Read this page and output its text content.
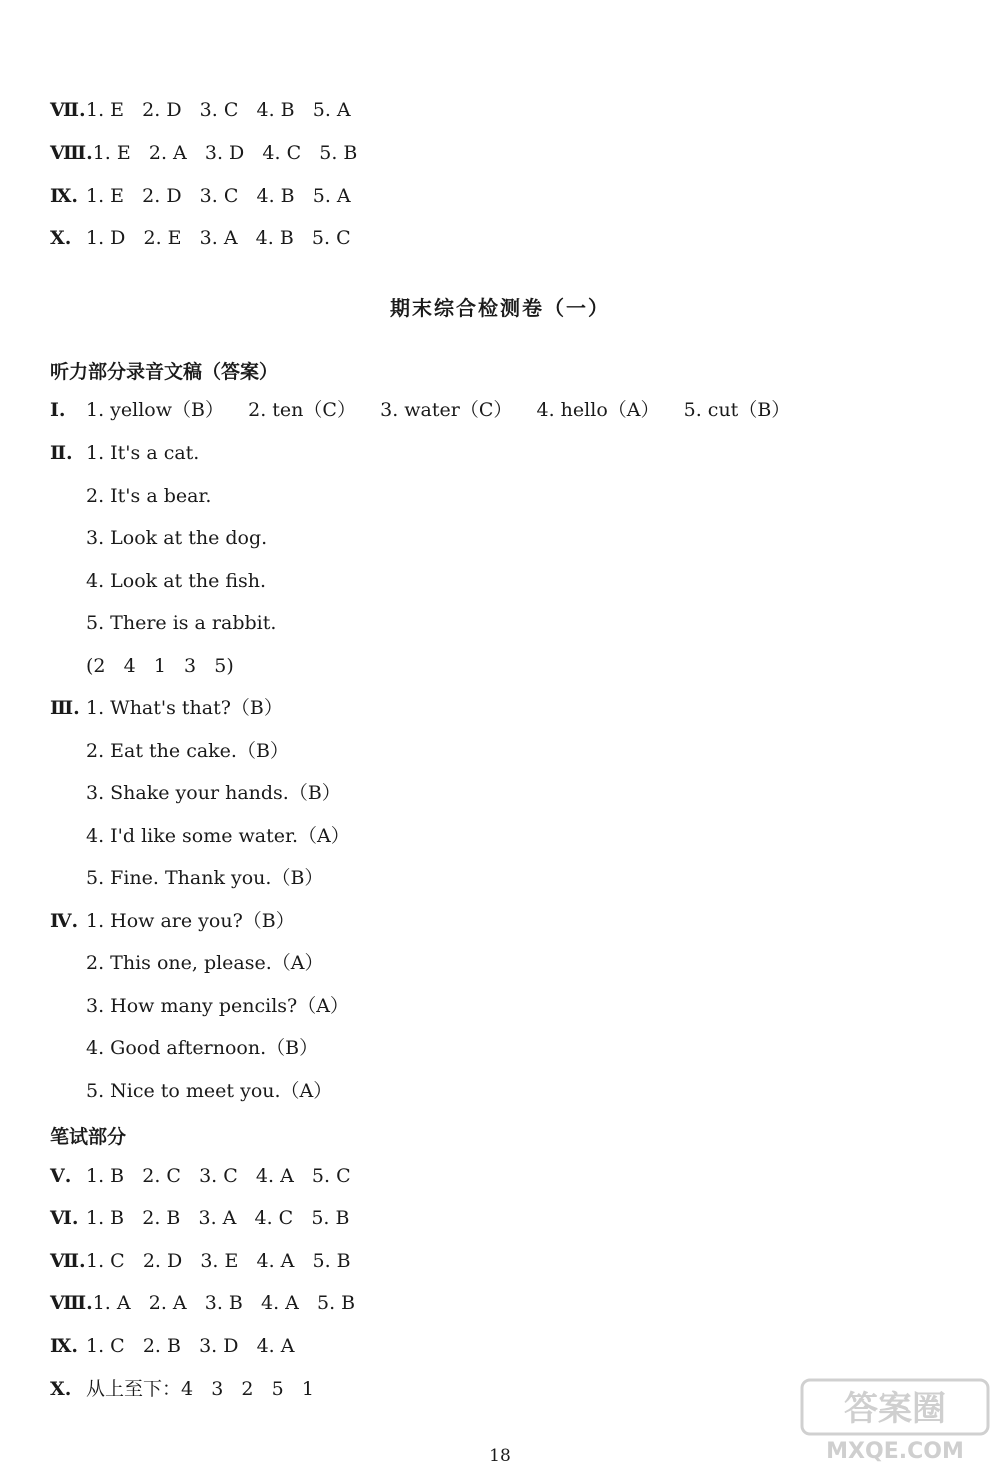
Ⅶ.1. E   2. D   3. C   4. B   5. A
Ⅷ.1. E   2. A   3. D   4. C   5. B
Ⅸ. 1. E   2. D   3. C   4. B   5. A
Ⅹ. 1. D   2. E   3. A   4. B   5. C
期末综合检测卷（一）
听力部分录音文稿（答案）
Ⅰ. 1. yellow（B）    2. ten（C）    3. water（C）    4. hello（A）    5. cut（B）
Ⅱ. 1. It's a cat.
2. It's a bear.
3. Look at the dog.
4. Look at the fish.
5. There is a rabbit.
(2   4   1   3   5)
Ⅲ. 1. What's that?（B）
2. Eat the cake.（B）
3. Shake your hands.（B）
4. I'd like some water.（A）
5. Fine. Thank you.（B）
Ⅳ. 1. How are you?（B）
2. This one, please.（A）
3. How many pencils?（A）
4. Good afternoon.（B）
5. Nice to meet you.（A）
笔试部分
Ⅴ. 1. B   2. C   3. C   4. A   5. C
Ⅵ. 1. B   2. B   3. A   4. C   5. B
Ⅶ.1. C   2. D   3. E   4. A   5. B
Ⅷ.1. A   2. A   3. B   4. A   5. B
Ⅸ. 1. C   2. B   3. D   4. A
Ⅹ. 从上至下：4   3   2   5   1
18
答案圈
MXQE.COM
